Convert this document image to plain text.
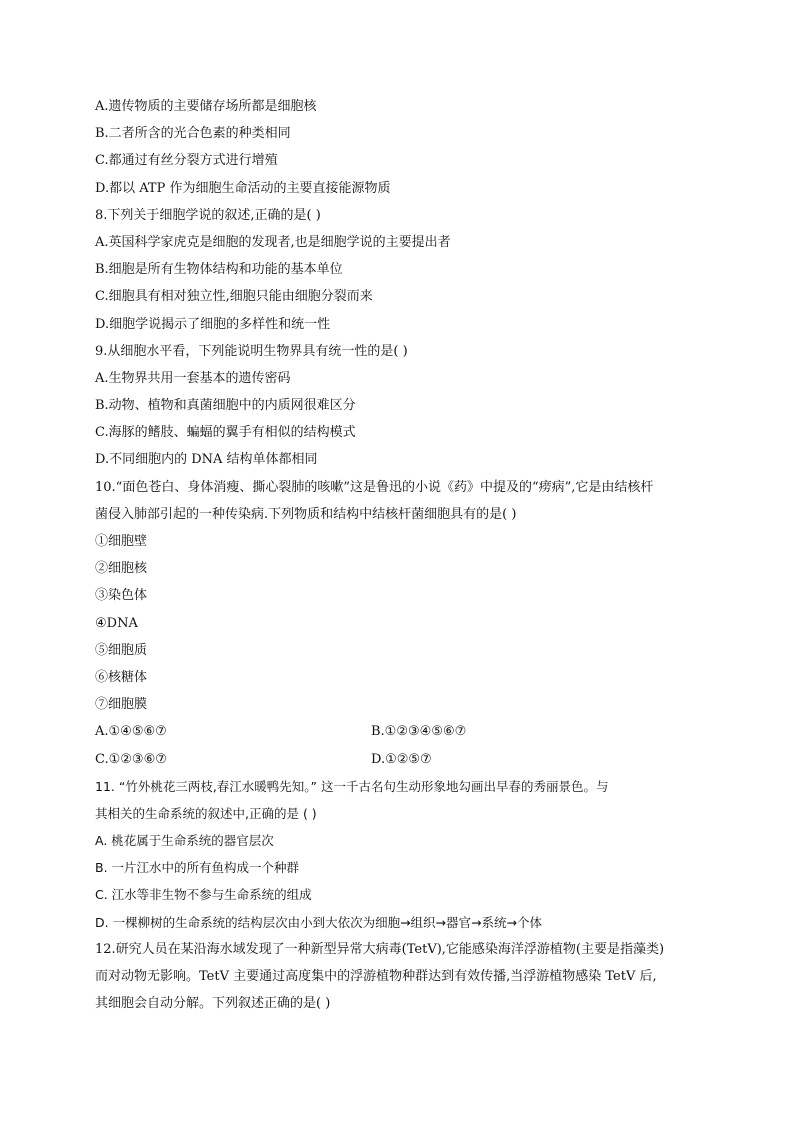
A.遗传物质的主要储存场所都是细胞核
B.二者所含的光合色素的种类相同
C.都通过有丝分裂方式进行增殖
D.都以 ATP 作为细胞生命活动的主要直接能源物质
8.下列关于细胞学说的叙述,正确的是( )
A.英国科学家虎克是细胞的发现者,也是细胞学说的主要提出者
B.细胞是所有生物体结构和功能的基本单位
C.细胞具有相对独立性,细胞只能由细胞分裂而来
D.细胞学说揭示了细胞的多样性和统一性
9.从细胞水平看，下列能说明生物界具有统一性的是( )
A.生物界共用一套基本的遗传密码
B.动物、植物和真菌细胞中的内质网很难区分
C.海豚的鳍肢、蝙蝠的翼手有相似的结构模式
D.不同细胞内的 DNA 结构单体都相同
10.“面色苍白、身体消瘦、撕心裂肺的咳嗽”这是鲁迅的小说《药》中提及的“痨病”,它是由结核杆
菌侵入肺部引起的一种传染病.下列物质和结构中结核杆菌细胞具有的是( )
①细胞壁
②细胞核
③染色体
④DNA
⑤细胞质
⑥核糖体
⑦细胞膜
A.①④⑤⑥⑦	B.①②③④⑤⑥⑦
C.①②③⑥⑦	D.①②⑤⑦
11. “竹外桃花三两枝,春江水暖鸭先知。” 这一千古名句生动形象地勾画出早春的秀丽景色。与
其相关的生命系统的叙述中,正确的是 ( )
A. 桃花属于生命系统的器官层次
B. 一片江水中的所有鱼构成一个种群
C. 江水等非生物不参与生命系统的组成
D. 一棵柳树的生命系统的结构层次由小到大依次为细胞→组织→器官→系统→个体
12.研究人员在某沿海水域发现了一种新型异常大病毒(TetV),它能感染海洋浮游植物(主要是指藻类)
而对动物无影响。TetV 主要通过高度集中的浮游植物种群达到有效传播,当浮游植物感染 TetV 后,
其细胞会自动分解。下列叙述正确的是( )
